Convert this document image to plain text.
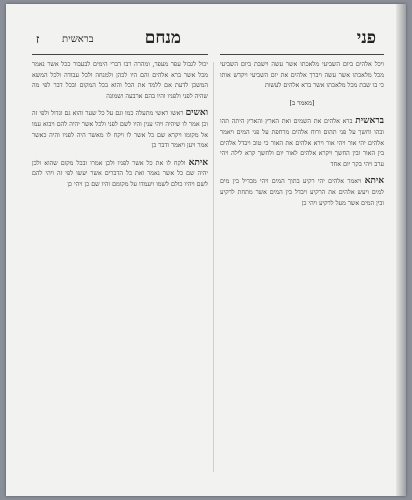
ז בראשית	מנחם	פני

יכול לגבול עפר מעפר, ומהרה רבו דברי הימים לבעבור ככל אשר נאמר מכל אשר ברא אלהים והם היו לכהן ולמנחה ולכל עבודה ולכל המשא המשכן לדעת אם ללמד את הכל והוא בכל המקום ובכל דבר לפי מה שהיה לפני ולפניו והיו בהם ארבעה ושמונה

ואשים ראשו ראשי מתעלה כמו וגם על כל שער והוא גם וגדול ולפי זה וכן אמר לו שיהיה ויהי ענין והיו לשם לפני ולכל אשר יהיה להם ויבוא עמו אל מקומו ויקרא שם כל אשר לו ויקח לו מאשר היה לפניו והיה כאשר אמר ויען ויאמר ודבר כן

איתא ולקח לו את כל אשר לפניו ולכן אמרו ובכל מקום שהוא ולכן יהיה שם כל אשר נאמר ואת כל הדברים אשר יעשו לפי זה ויהי להם לשם ויהיו כולם לשמו ויעמדו על מקומם והיו שם כן ויהי כן

ויכל אלהים ביום השביעי מלאכתו אשר עשה וישבת ביום השביעי מכל מלאכתו אשר עשה ויברך אלהים את יום השביעי ויקדש אותו כי בו שבת מכל מלאכתו אשר ברא אלהים לעשות

[מאמר ב]

בראשית ברא אלהים את השמים ואת הארץ והארץ היתה תהו ובהו וחשך על פני תהום ורוח אלהים מרחפת על פני המים ויאמר אלהים יהי אור ויהי אור וירא אלהים את האור כי טוב ויבדל אלהים בין האור ובין החשך ויקרא אלהים לאור יום ולחשך קרא לילה ויהי ערב ויהי בקר יום אחד

איתא ויאמר אלהים יהי רקיע בתוך המים ויהי מבדיל בין מים למים ויעש אלהים את הרקיע ויבדל בין המים אשר מתחת לרקיע ובין המים אשר מעל לרקיע ויהי כן
